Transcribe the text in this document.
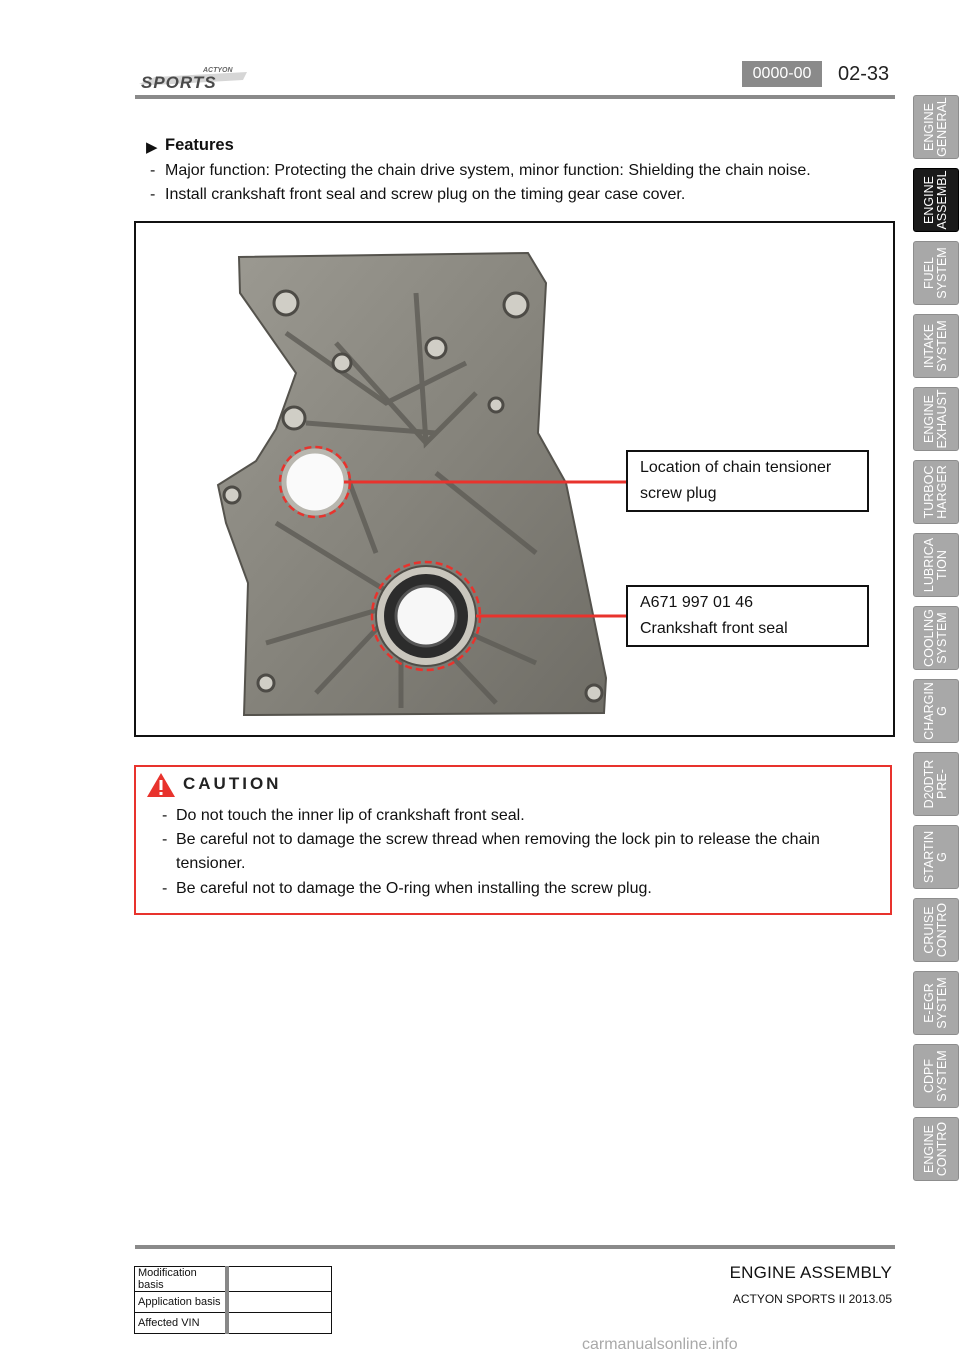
ACTYON
SPORTS	0000-00	02-33
ENGINE
GENERAL
ENGINE
ASSEMBL
FUEL
SYSTEM
INTAKE
SYSTEM
ENGINE
EXHAUST
TURBOC
HARGER
LUBRICA
TION
COOLING
SYSTEM
CHARGIN
G
D20DTR
PRE-
STARTIN
G
CRUISE
CONTRO
E-EGR
SYSTEM
CDPF
SYSTEM
ENGINE
CONTRO
▶ Features
- Major function: Protecting the chain drive system, minor function: Shielding the chain noise.
- Install crankshaft front seal and screw plug on the timing gear case cover.
Location of chain tensioner screw plug
A671 997 01 46
Crankshaft front seal
CAUTION
- Do not touch the inner lip of crankshaft front seal.
- Be careful not to damage the screw thread when removing the lock pin to release the chain
tensioner.
- Be careful not to damage the O-ring when installing the screw plug.
ENGINE ASSEMBLY
ACTYON SPORTS II 2013.05
Modification basis	
Application basis	
Affected VIN	
carmanualsonline.info
